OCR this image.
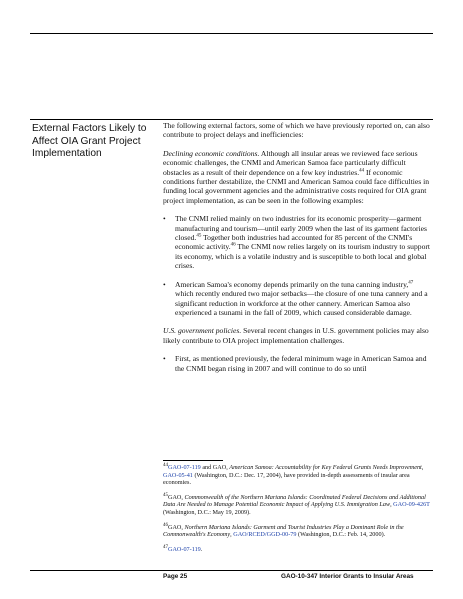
External Factors Likely to Affect OIA Grant Project Implementation

The following external factors, some of which we have previously reported on, can also contribute to project delays and inefficiencies:

Declining economic conditions. Although all insular areas we reviewed face serious economic challenges, the CNMI and American Samoa face particularly difficult obstacles as a result of their dependence on a few key industries.$^{44}$ If economic conditions further destabilize, the CNMI and American Samoa could face difficulties in funding local government agencies and the administrative costs required for OIA grant project implementation, as can be seen in the following examples:

• The CNMI relied mainly on two industries for its economic prosperity—garment manufacturing and tourism—until early 2009 when the last of its garment factories closed.$^{45}$ Together both industries had accounted for 85 percent of the CNMI's economic activity.$^{46}$ The CNMI now relies largely on its tourism industry to support its economy, which is a volatile industry and is susceptible to both local and global crises.
• American Samoa's economy depends primarily on the tuna canning industry,$^{47}$ which recently endured two major setbacks—the closure of one tuna cannery and a significant reduction in workforce at the other cannery. American Samoa also experienced a tsunami in the fall of 2009, which caused considerable damage.

U.S. government policies. Several recent changes in U.S. government policies may also likely contribute to OIA project implementation challenges.

• First, as mentioned previously, the federal minimum wage in American Samoa and the CNMI began rising in 2007 and will continue to do so until

$^{44}$GAO-07-119 and GAO, American Samoa: Accountability for Key Federal Grants Needs Improvement, GAO-05-41 (Washington, D.C.: Dec. 17, 2004), have provided in-depth assessments of insular area economies.

$^{45}$GAO, Commonwealth of the Northern Mariana Islands: Coordinated Federal Decisions and Additional Data Are Needed to Manage Potential Economic Impact of Applying U.S. Immigration Law, GAO-09-426T (Washington, D.C.: May 19, 2009).

$^{46}$GAO, Northern Mariana Islands: Garment and Tourist Industries Play a Dominant Role in the Commonwealth's Economy, GAO/RCED/GGD-00-79 (Washington, D.C.: Feb. 14, 2000).

$^{47}$GAO-07-119.

Page 25	GAO-10-347 Interior Grants to Insular Areas
